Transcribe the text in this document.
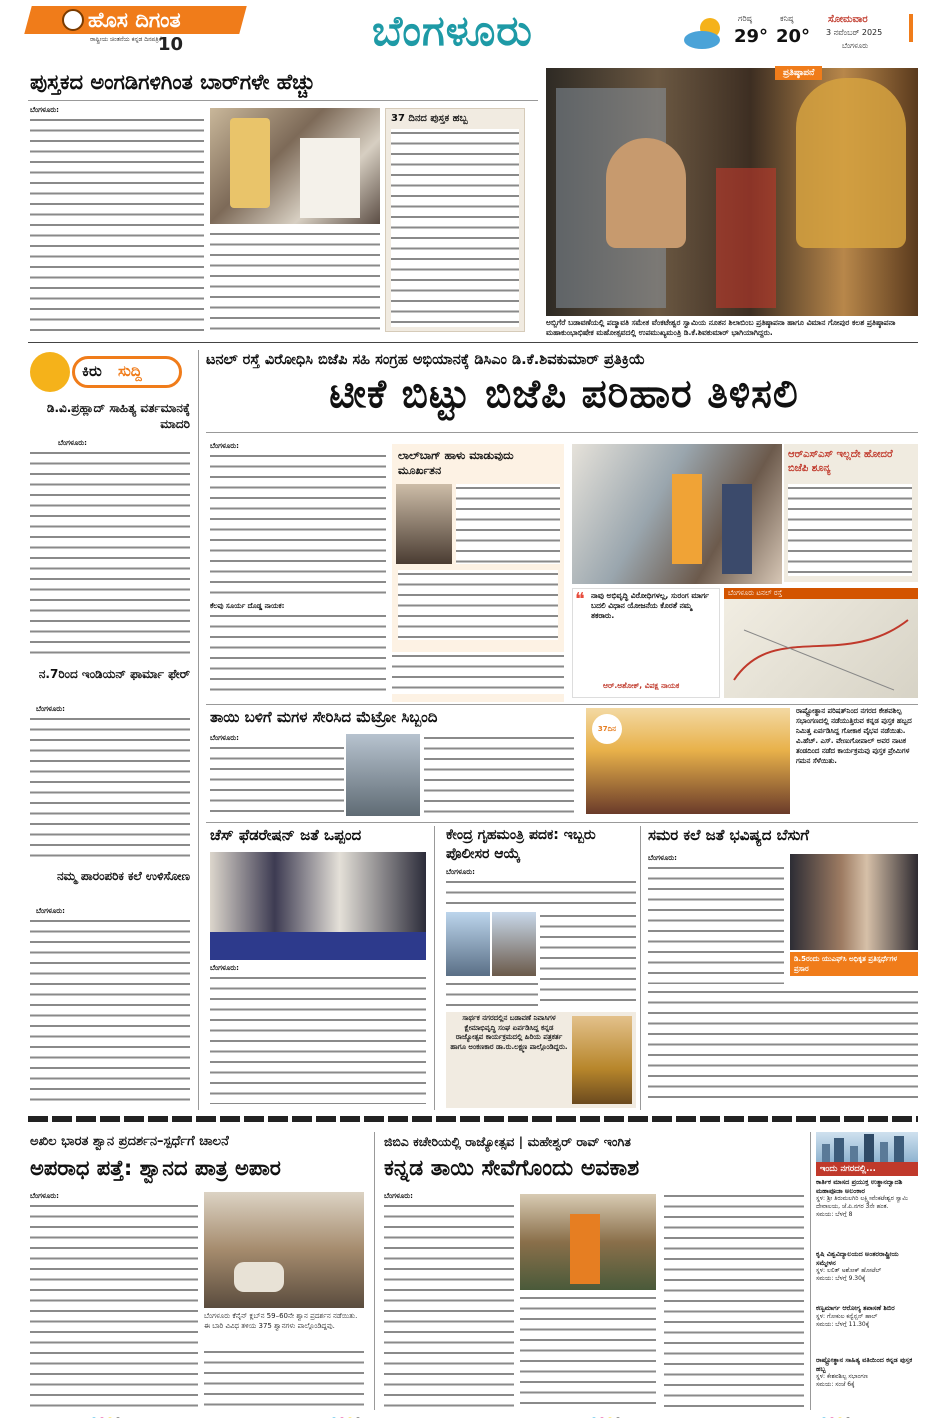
ಹೊಸ ದಿಗಂತ
ರಾಷ್ಟ್ರೀಯ ಚಿಂತನೆಯ ಕನ್ನಡ ದಿನಪತ್ರಿಕೆ
10	ಬೆಂಗಳೂರು	ಗರಿಷ್ಠ
29°
ಕನಿಷ್ಠ
20°
ಸೋಮವಾರ
3 ನವೆಂಬರ್ 2025
ಬೆಂಗಳೂರು
ಪುಸ್ತಕದ ಅಂಗಡಿಗಳಿಗಿಂತ ಬಾರ್‌ಗಳೇ ಹೆಚ್ಚು
ಬೆಂಗಳೂರು:
37 ದಿನದ ಪುಸ್ತಕ ಹಬ್ಬ
ಪ್ರತಿಷ್ಠಾಪನೆ
ಅಬ್ಬಿಗೆರೆ ಬಡಾವಣೆಯಲ್ಲಿ ಪದ್ಮಾವತಿ ಸಮೇತ ವೆಂಕಟೇಶ್ವರ ಸ್ವಾಮಿಯ ನೂತನ ಶಿಲಾಬಿಂಬ ಪ್ರತಿಷ್ಠಾಪನಾ ಹಾಗೂ ವಿಮಾನ ಗೋಪುರ ಕಲಶ ಪ್ರತಿಷ್ಠಾಪನಾ ಮಹಾಕುಂಭಾಭಿಷೇಕ ಮಹೋತ್ಸವದಲ್ಲಿ ಉಪಮುಖ್ಯಮಂತ್ರಿ ಡಿ.ಕೆ.ಶಿವಕುಮಾರ್ ಭಾಗಿಯಾಗಿದ್ದರು.
ಕಿರು ಸುದ್ದಿ
ಡಿ.ವಿ.ಪ್ರಹ್ಲಾದ್ ಸಾಹಿತ್ಯ ವರ್ತಮಾನಕ್ಕೆ ಮಾದರಿ
ಬೆಂಗಳೂರು:
ನ.7ರಿಂದ ಇಂಡಿಯನ್ ಫಾರ್ಮಾ ಫೇರ್
ಬೆಂಗಳೂರು:
ನಮ್ಮ ಪಾರಂಪರಿಕ ಕಲೆ ಉಳಿಸೋಣ
ಬೆಂಗಳೂರು:
ಟನಲ್ ರಸ್ತೆ ವಿರೋಧಿಸಿ ಬಿಜೆಪಿ ಸಹಿ ಸಂಗ್ರಹ ಅಭಿಯಾನಕ್ಕೆ ಡಿಸಿಎಂ ಡಿ.ಕೆ.ಶಿವಕುಮಾರ್ ಪ್ರತಿಕ್ರಿಯೆ
ಟೀಕೆ ಬಿಟ್ಟು ಬಿಜೆಪಿ ಪರಿಹಾರ ತಿಳಿಸಲಿ
ಬೆಂಗಳೂರು:
ಕೆಲವು ಸೂರ್ಯ ದೊಡ್ಡ ನಾಯಕ:
ಲಾಲ್‌ಬಾಗ್ ಹಾಳು ಮಾಡುವುದು ಮೂರ್ಖತನ
ಆರ್‌ಎಸ್‌ಎಸ್ ಇಲ್ಲದೇ ಹೋದರೆ ಬಿಜೆಪಿ ಶೂನ್ಯ
❝ ನಾವು ಅಭಿವೃದ್ಧಿ ವಿರೋಧಿಗಳಲ್ಲ, ಸುರಂಗ ಮಾರ್ಗ ಬದಲಿ ವಿಧಾನ ಯೋಜನೆಯ ಕೊರತೆ ನಮ್ಮ ತಕರಾರು.
ಆರ್.ಅಶೋಕ್, ವಿಪಕ್ಷ ನಾಯಕ
ಬೆಂಗಳೂರು ಟನಲ್ ರಸ್ತೆ
ತಾಯಿ ಬಳಿಗೆ ಮಗಳ ಸೇರಿಸಿದ ಮೆಟ್ರೋ ಸಿಬ್ಬಂದಿ
ಬೆಂಗಳೂರು:
37ದಿನ
ರಾಷ್ಟ್ರೋತ್ಥಾನ ಪರಿಷತ್‌ನಿಂದ ನಗರದ ಕೇಶವಶಿಲ್ಪ ಸಭಾಂಗಣದಲ್ಲಿ ನಡೆಯುತ್ತಿರುವ ಕನ್ನಡ ಪುಸ್ತಕ ಹಬ್ಬದ ನಿಮಿತ್ತ ಏರ್ಪಡಿಸಿದ್ದ ಗೋಕಾಕ ವೈಭವ ನಡೆಯಿತು. ವಿ.ಹೆಚ್. ಎಸ್. ವೇಣುಗೋಪಾಲ್ ಅವರ ನಾಟಕ ತಂಡದಿಂದ ನಡೆದ ಕಾರ್ಯಕ್ರಮವು ಪುಸ್ತಕ ಪ್ರೇಮಿಗಳ ಗಮನ ಸೆಳೆಯಿತು.
ಚೆಸ್ ಫೆಡರೇಷನ್ ಜತೆ ಒಪ್ಪಂದ
ಬೆಂಗಳೂರು:
ಕೇಂದ್ರ ಗೃಹಮಂತ್ರಿ ಪದಕ: ಇಬ್ಬರು ಪೊಲೀಸರ ಆಯ್ಕೆ
ಬೆಂಗಳೂರು:
ಸಾರ್ಥಕ ನಗರದಲ್ಲಿನ ಬಡಾವಣೆ ನಿವಾಸಿಗಳ ಕ್ಷೇಮಾಭಿವೃದ್ಧಿ ಸಂಘ ಏರ್ಪಡಿಸಿದ್ದ ಕನ್ನಡ ರಾಜ್ಯೋತ್ಸವ ಕಾರ್ಯಕ್ರಮದಲ್ಲಿ ಹಿರಿಯ ಪತ್ರಕರ್ತ ಹಾಗೂ ಅಂಕಣಕಾರ ಡಾ.ರು.ಲಕ್ಷ್ಮಣ ಪಾಲ್ಗೊಂಡಿದ್ದರು.
ಸಮರ ಕಲೆ ಜತೆ ಭವಿಷ್ಯದ ಬೆಸುಗೆ
ಬೆಂಗಳೂರು:
ಡಿ.5ರಂದು ಯುಎಫ್‌ಸಿ ಅಧಿಕೃತ ಪ್ರತಿಸ್ಪರ್ಧೆಗಳ ಪ್ರಸಾರ
ಅಖಿಲ ಭಾರತ ಶ್ವಾನ ಪ್ರದರ್ಶನ–ಸ್ಪರ್ಧೆಗೆ ಚಾಲನೆ
ಅಪರಾಧ ಪತ್ತೆ: ಶ್ವಾನದ ಪಾತ್ರ ಅಪಾರ
ಬೆಂಗಳೂರು:
ಬೆಂಗಳೂರು ಕೆನೈನ್ ಕ್ಲಬ್‌ನ 59–60ನೇ ಶ್ವಾನ ಪ್ರದರ್ಶನ ನಡೆಯಿತು. ಈ ಬಾರಿ ವಿವಿಧ ತಳಿಯ 375 ಶ್ವಾನಗಳು ಪಾಲ್ಗೊಂಡಿದ್ದವು.
ಜಿಬಿಎ ಕಚೇರಿಯಲ್ಲಿ ರಾಜ್ಯೋತ್ಸವ | ಮಹೇಶ್ವರ್ ರಾವ್ ಇಂಗಿತ
ಕನ್ನಡ ತಾಯಿ ಸೇವೆಗೊಂದು ಅವಕಾಶ
ಬೆಂಗಳೂರು:
ಇಂದು ನಗರದಲ್ಲಿ...
ಕಾರ್ತಿಕ ಮಾಸದ ಪ್ರಯುಕ್ತ ಉತ್ಥಾನದ್ವಾದಶಿ ಮಹಾಪೂಜಾ ಅಲಂಕಾರ
ಸ್ಥಳ: ಶ್ರೀ ತಿರುಮಲಗಿರಿ ಲಕ್ಷ್ಮೀವೆಂಕಟೇಶ್ವರ ಸ್ವಾಮಿ ದೇವಾಲಯ, ಜೆ.ಪಿ.ನಗರ 3ನೇ ಹಂತ.
ಸಮಯ: ಬೆಳಗ್ಗೆ 8
ಕೃಷಿ ವಿಶ್ವವಿದ್ಯಾಲಯದ ಅಂತರರಾಷ್ಟ್ರೀಯ ಸಮ್ಮೇಳನ
ಸ್ಥಳ: ಲಲಿತ್ ಅಶೋಕ್ ಹೋಟೆಲ್
ಸಮಯ: ಬೆಳಗ್ಗೆ 9.30ಕ್ಕೆ
ಕಣ್ವಮಾರ್ಗ ಆರೋಗ್ಯ ತಪಾಸಣೆ ಶಿಬಿರ
ಸ್ಥಳ: ಗೋಕುಲ ಕನ್ವೆನ್ಷನ್ ಹಾಲ್
ಸಮಯ: ಬೆಳಗ್ಗೆ 11.30ಕ್ಕೆ
ರಾಷ್ಟ್ರೋತ್ಥಾನ ಸಾಹಿತ್ಯ ವತಿಯಿಂದ ಕನ್ನಡ ಪುಸ್ತಕ ಹಬ್ಬ
ಸ್ಥಳ: ಕೇಶವಶಿಲ್ಪ ಸಭಾಂಗಣ
ಸಮಯ: ಸಂಜೆ 6ಕ್ಕೆ
